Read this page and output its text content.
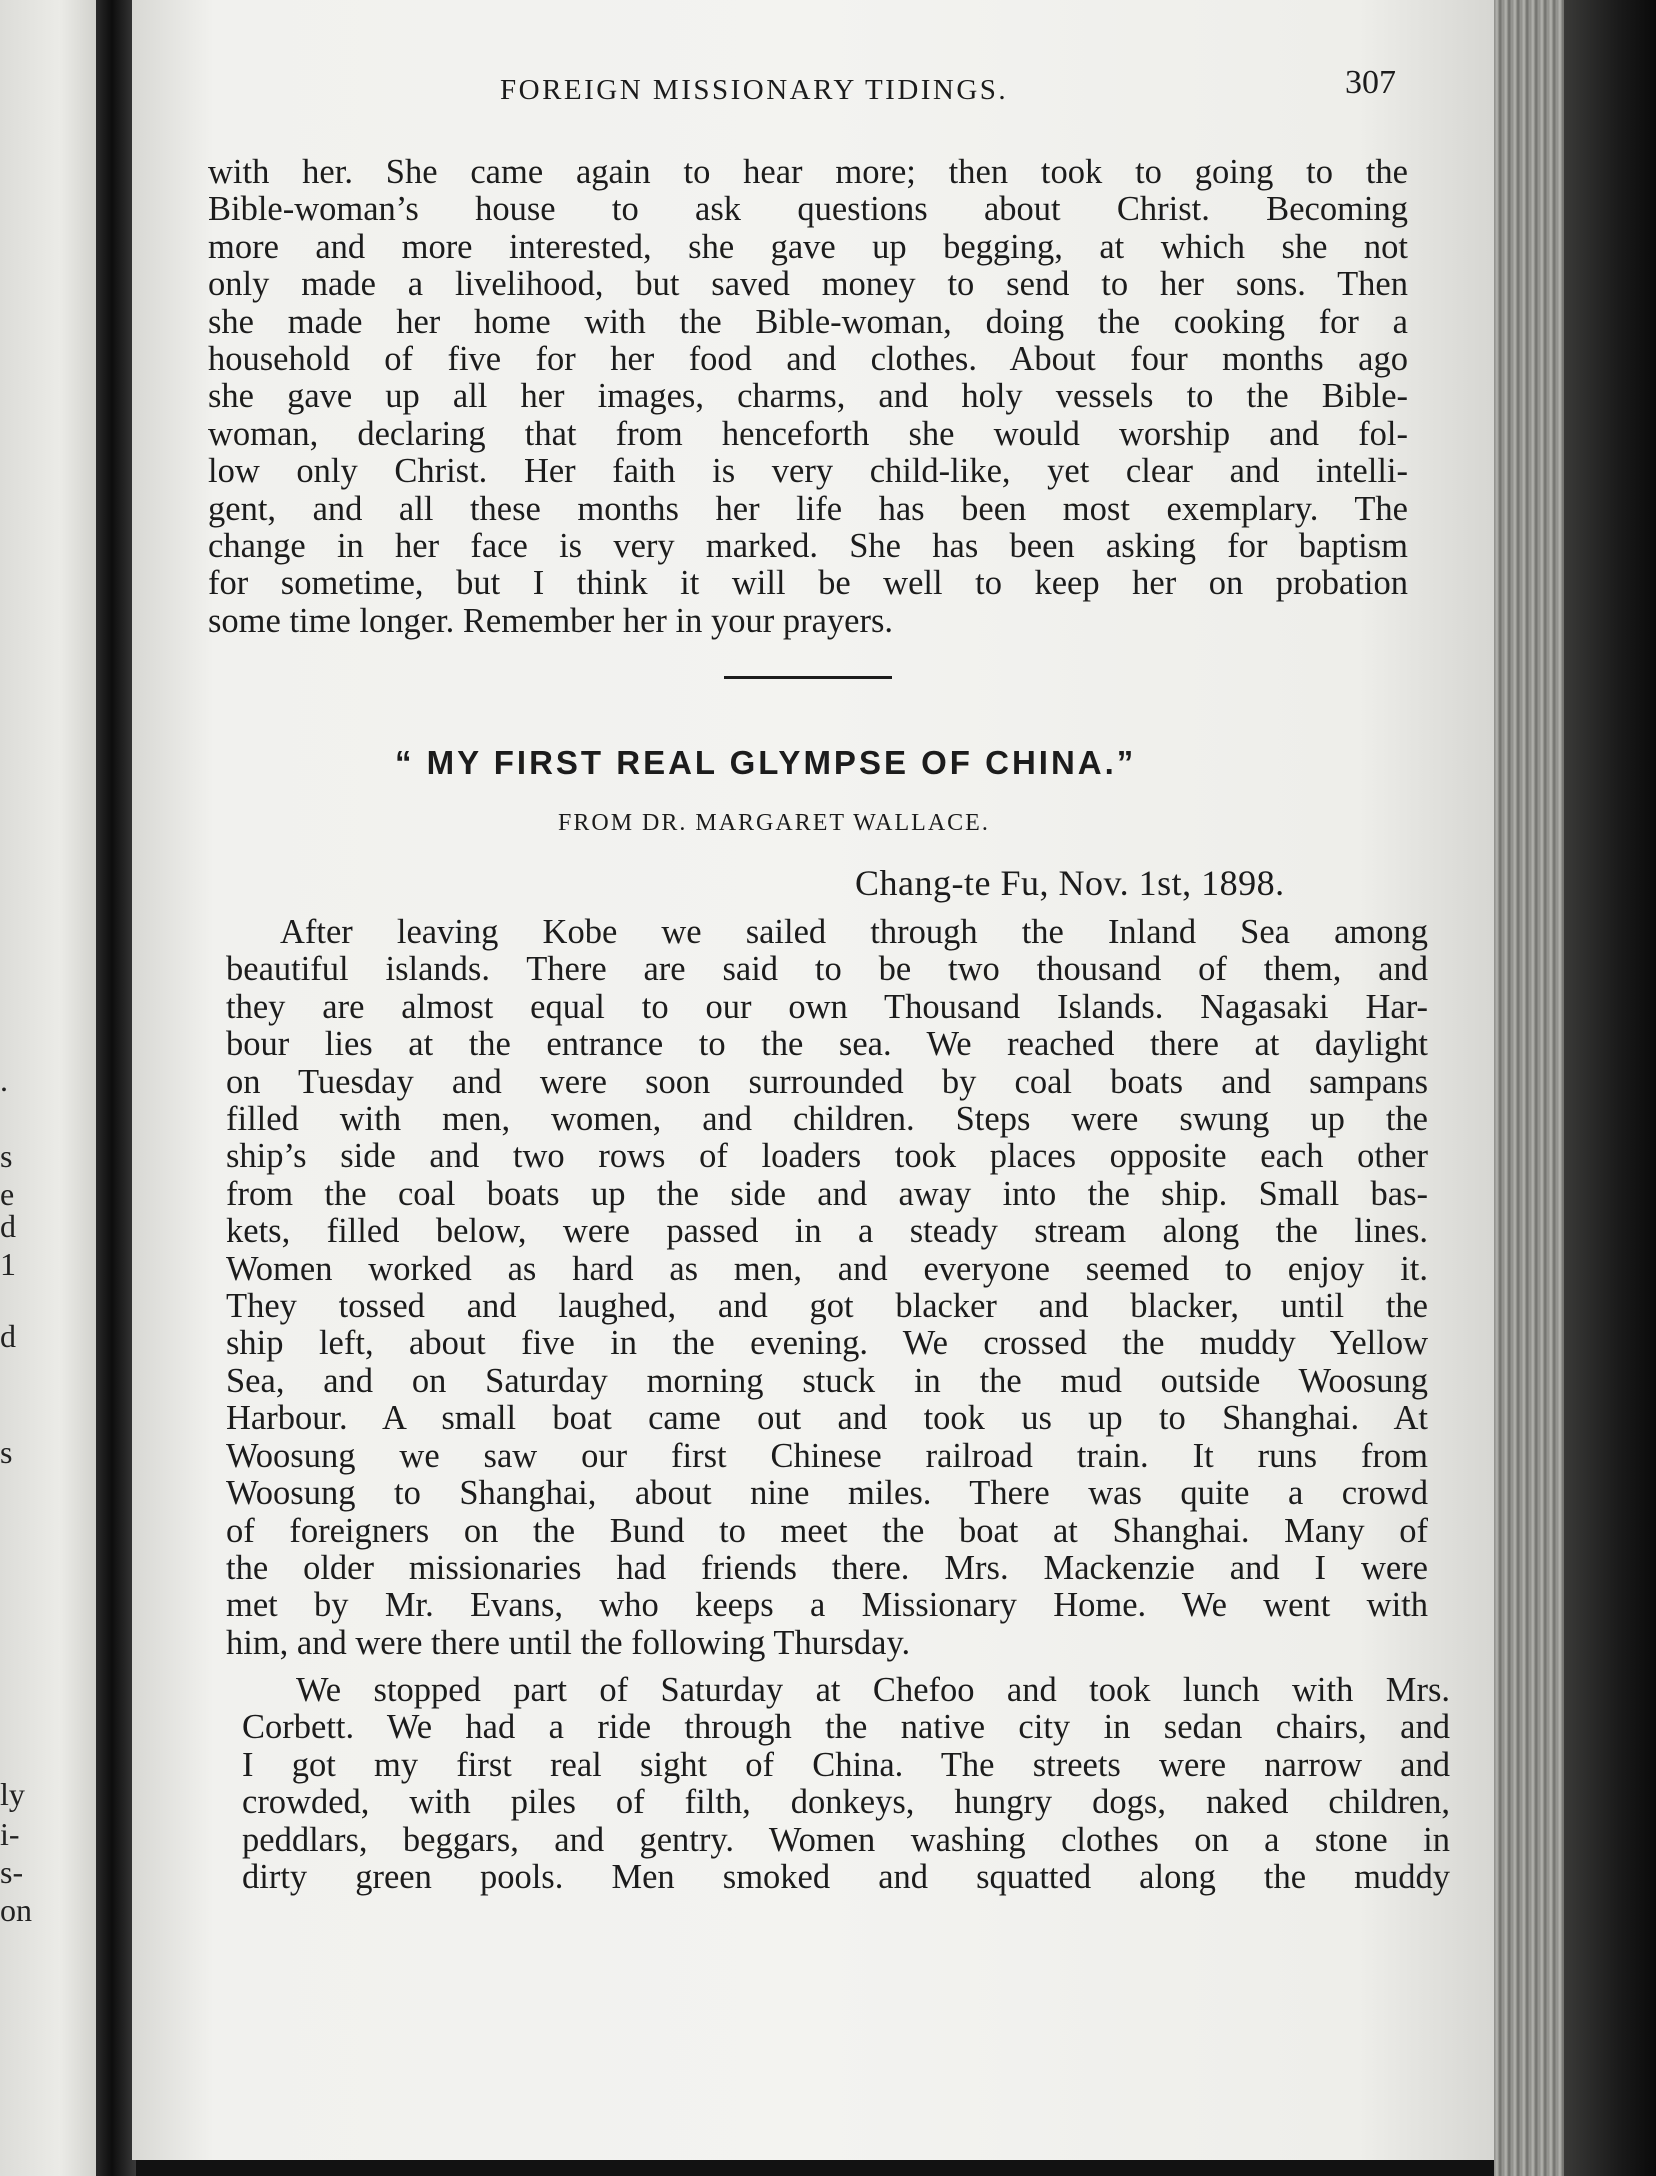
.
s
e
d
1
d
s
ly
i-
s-
on
FOREIGN MISSIONARY TIDINGS.	307
with her. She came again to hear more; then took to going to the
Bible-woman’s house to ask questions about Christ. Becoming
more and more interested, she gave up begging, at which she not
only made a livelihood, but saved money to send to her sons. Then
she made her home with the Bible-woman, doing the cooking for a
household of five for her food and clothes. About four months ago
she gave up all her images, charms, and holy vessels to the Bible-
woman, declaring that from henceforth she would worship and fol-
low only Christ. Her faith is very child-like, yet clear and intelli-
gent, and all these months her life has been most exemplary. The
change in her face is very marked. She has been asking for baptism
for sometime, but I think it will be well to keep her on probation
some time longer. Remember her in your prayers.
“ MY FIRST REAL GLYMPSE OF CHINA.”
FROM DR. MARGARET WALLACE.
Chang-te Fu, Nov. 1st, 1898.
After leaving Kobe we sailed through the Inland Sea among
beautiful islands. There are said to be two thousand of them, and
they are almost equal to our own Thousand Islands. Nagasaki Har-
bour lies at the entrance to the sea. We reached there at daylight
on Tuesday and were soon surrounded by coal boats and sampans
filled with men, women, and children. Steps were swung up the
ship’s side and two rows of loaders took places opposite each other
from the coal boats up the side and away into the ship. Small bas-
kets, filled below, were passed in a steady stream along the lines.
Women worked as hard as men, and everyone seemed to enjoy it.
They tossed and laughed, and got blacker and blacker, until the
ship left, about five in the evening. We crossed the muddy Yellow
Sea, and on Saturday morning stuck in the mud outside Woosung
Harbour. A small boat came out and took us up to Shanghai. At
Woosung we saw our first Chinese railroad train. It runs from
Woosung to Shanghai, about nine miles. There was quite a crowd
of foreigners on the Bund to meet the boat at Shanghai. Many of
the older missionaries had friends there. Mrs. Mackenzie and I were
met by Mr. Evans, who keeps a Missionary Home. We went with
him, and were there until the following Thursday.
We stopped part of Saturday at Chefoo and took lunch with Mrs.
Corbett. We had a ride through the native city in sedan chairs, and
I got my first real sight of China. The streets were narrow and
crowded, with piles of filth, donkeys, hungry dogs, naked children,
peddlars, beggars, and gentry. Women washing clothes on a stone in
dirty green pools. Men smoked and squatted along the muddy
